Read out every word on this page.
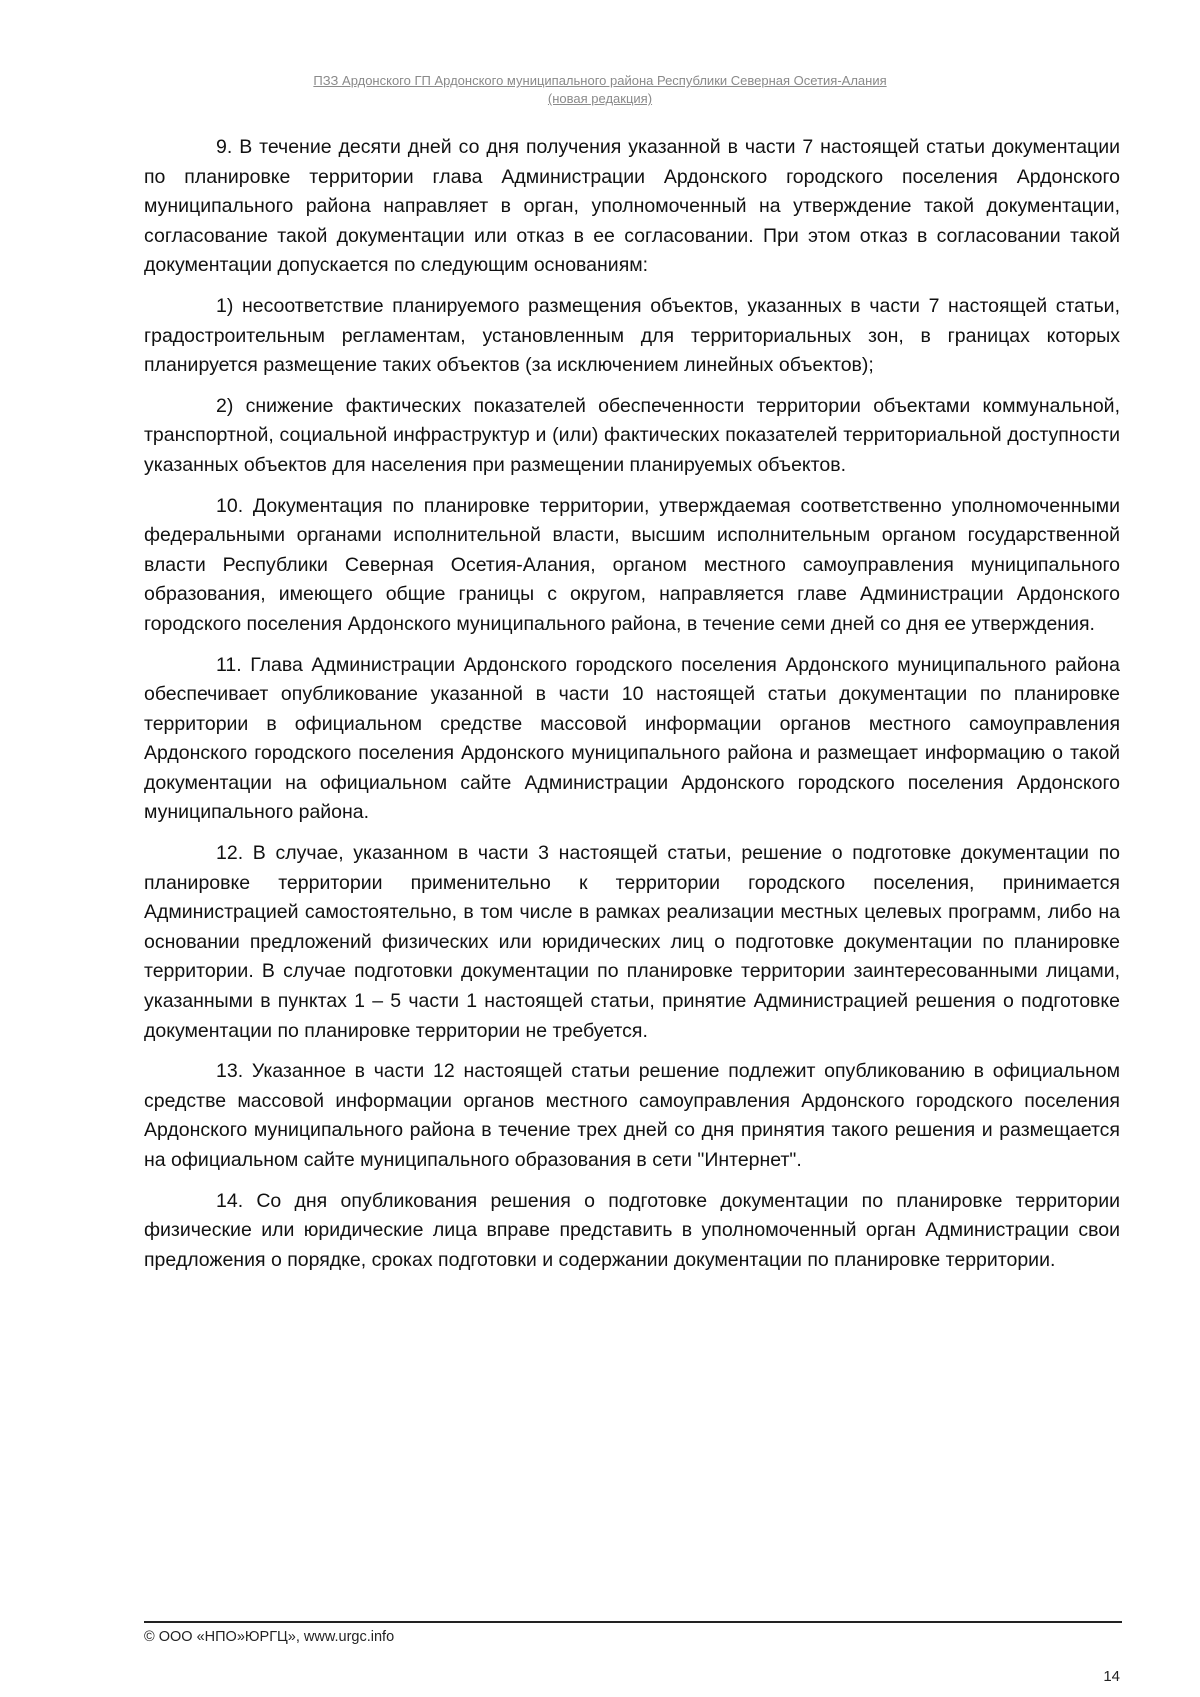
ПЗЗ Ардонского ГП Ардонского муниципального района Республики Северная Осетия-Алания
(новая редакция)

9. В течение десяти дней со дня получения указанной в части 7 настоящей статьи документации по планировке территории глава Администрации Ардонского городского поселения Ардонского муниципального района направляет в орган, уполномоченный на утверждение такой документации, согласование такой документации или отказ в ее согласовании. При этом отказ в согласовании такой документации допускается по следующим основаниям:

1) несоответствие планируемого размещения объектов, указанных в части 7 настоящей статьи, градостроительным регламентам, установленным для территориальных зон, в границах которых планируется размещение таких объектов (за исключением линейных объектов);

2) снижение фактических показателей обеспеченности территории объектами коммунальной, транспортной, социальной инфраструктур и (или) фактических показателей территориальной доступности указанных объектов для населения при размещении планируемых объектов.

10. Документация по планировке территории, утверждаемая соответственно уполномоченными федеральными органами исполнительной власти, высшим исполнительным органом государственной власти Республики Северная Осетия-Алания, органом местного самоуправления муниципального образования, имеющего общие границы с округом, направляется главе Администрации Ардонского городского поселения Ардонского муниципального района, в течение семи дней со дня ее утверждения.

11. Глава Администрации Ардонского городского поселения Ардонского муниципального района обеспечивает опубликование указанной в части 10 настоящей статьи документации по планировке территории в официальном средстве массовой информации органов местного самоуправления Ардонского городского поселения Ардонского муниципального района и размещает информацию о такой документации на официальном сайте Администрации Ардонского городского поселения Ардонского муниципального района.

12. В случае, указанном в части 3 настоящей статьи, решение о подготовке документации по планировке территории применительно к территории городского поселения, принимается Администрацией самостоятельно, в том числе в рамках реализации местных целевых программ, либо на основании предложений физических или юридических лиц о подготовке документации по планировке территории. В случае подготовки документации по планировке территории заинтересованными лицами, указанными в пунктах 1 – 5 части 1 настоящей статьи, принятие Администрацией решения о подготовке документации по планировке территории не требуется.

13. Указанное в части 12 настоящей статьи решение подлежит опубликованию в официальном средстве массовой информации органов местного самоуправления Ардонского городского поселения Ардонского муниципального района в течение трех дней со дня принятия такого решения и размещается на официальном сайте муниципального образования в сети "Интернет".

14. Со дня опубликования решения о подготовке документации по планировке территории физические или юридические лица вправе представить в уполномоченный орган Администрации свои предложения о порядке, сроках подготовки и содержании документации по планировке территории.

© ООО «НПО»ЮРГЦ», www.urgc.info
14
